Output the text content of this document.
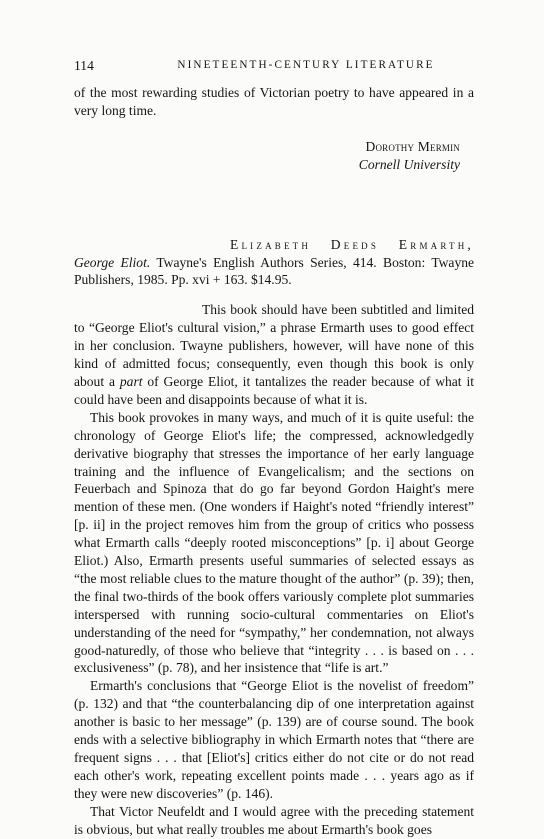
114	NINETEENTH-CENTURY LITERATURE

of the most rewarding studies of Victorian poetry to have appeared in a very long time.

Dorothy Mermin
Cornell University

Elizabeth Deeds Ermarth, George Eliot. Twayne's English Authors Series, 414. Boston: Twayne Publishers, 1985. Pp. xvi + 163. $14.95.

This book should have been subtitled and limited to “George Eliot's cultural vision,” a phrase Ermarth uses to good effect in her conclusion. Twayne publishers, however, will have none of this kind of admitted focus; consequently, even though this book is only about a part of George Eliot, it tantalizes the reader because of what it could have been and disappoints because of what it is.

This book provokes in many ways, and much of it is quite useful: the chronology of George Eliot's life; the compressed, acknowledgedly derivative biography that stresses the importance of her early language training and the influence of Evangelicalism; and the sections on Feuerbach and Spinoza that do go far beyond Gordon Haight's mere mention of these men. (One wonders if Haight's noted “friendly interest” [p. ii] in the project removes him from the group of critics who possess what Ermarth calls “deeply rooted misconceptions” [p. i] about George Eliot.) Also, Ermarth presents useful summaries of selected essays as “the most reliable clues to the mature thought of the author” (p. 39); then, the final two-thirds of the book offers variously complete plot summaries interspersed with running socio-cultural commentaries on Eliot's understanding of the need for “sympathy,” her condemnation, not always good-naturedly, of those who believe that “integrity . . . is based on . . . exclusiveness” (p. 78), and her insistence that “life is art.”

Ermarth's conclusions that “George Eliot is the novelist of freedom” (p. 132) and that “the counterbalancing dip of one interpretation against another is basic to her message” (p. 139) are of course sound. The book ends with a selective bibliography in which Ermarth notes that “there are frequent signs . . . that [Eliot's] critics either do not cite or do not read each other's work, repeating excellent points made . . . years ago as if they were new discoveries” (p. 146).

That Victor Neufeldt and I would agree with the preceding statement is obvious, but what really troubles me about Ermarth's book goes
